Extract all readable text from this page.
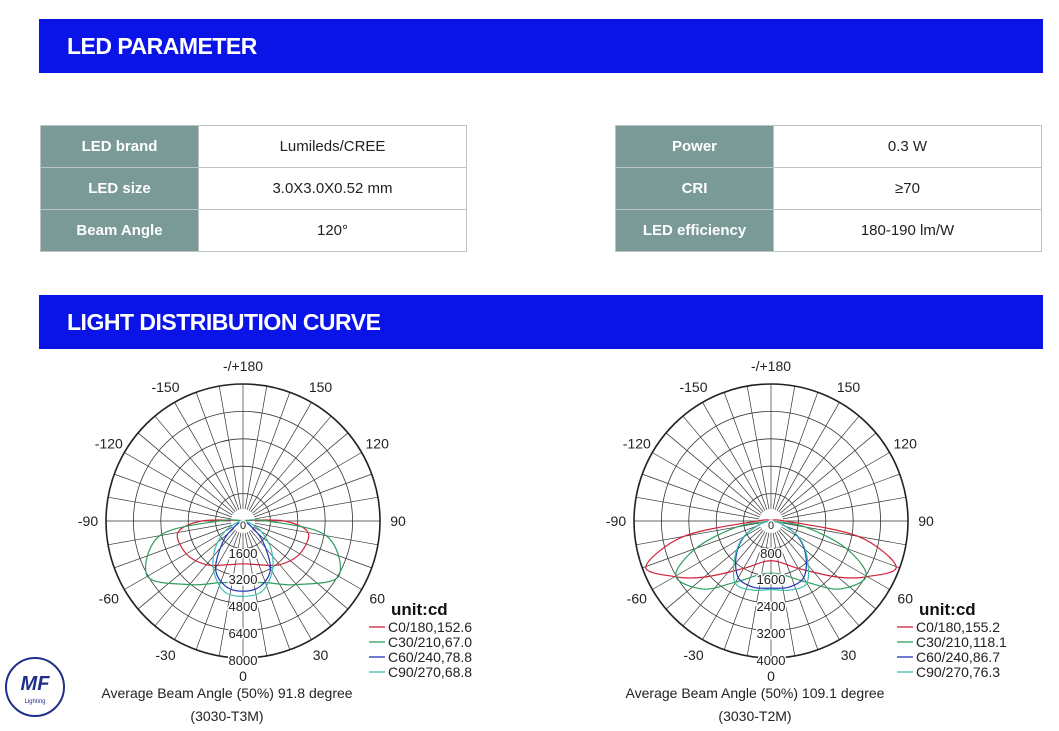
LED PARAMETER
LED brand	Lumileds/CREE
LED size	3.0X3.0X0.52 mm
Beam Angle	120°
Power	0.3 W
CRI	≥70
LED efficiency	180-190 lm/W
LIGHT DISTRIBUTION CURVE
-/+180
150
120
90
60
30
0
-30
-60
-90
-120
-150
0
1600
3200
4800
6400
8000
unit:cd
C0/180,152.6
C30/210,67.0
C60/240,78.8
C90/270,68.8
Average Beam Angle (50%) 91.8 degree
(3030-T3M)
-/+180
150
120
90
60
30
0
-30
-60
-90
-120
-150
0
800
1600
2400
3200
4000
unit:cd
C0/180,155.2
C30/210,118.1
C60/240,86.7
C90/270,76.3
Average Beam Angle (50%) 109.1 degree
(3030-T2M)
MF
Lighting
